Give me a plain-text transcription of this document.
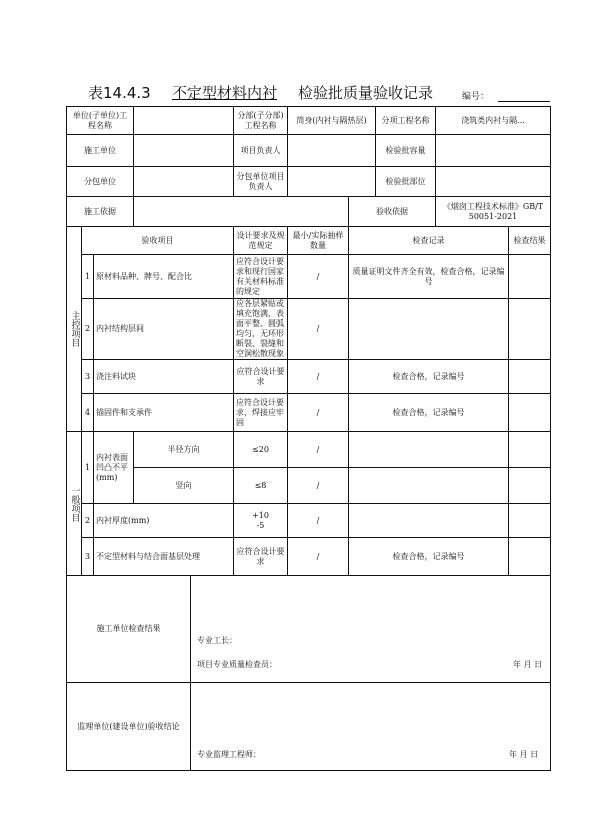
表14.4.3 不定型材料内衬 检验批质量验收记录	编号：
单位(子单位)工程名称					分部(子分部)工程名称	筒身(内衬与隔热层)		分项工程名称	浇筑类内衬与隔...	
施工单位					项目负责人			检验批容量		
分包单位					分包单位项目负责人			检验批部位		
施工依据							验收依据		《烟囱工程技术标准》GB/T 50051-2021	
主控项目	验收项目				设计要求及规范规定	最小/实际抽样数量	检查记录			检查结果
	1	原材料品种、牌号、配合比			应符合设计要求和现行国家有关材料标准的规定	/	质量证明文件齐全有效，检查合格，记录编号			
	2	内衬结构层间			应各层紧贴或填充饱满，表面平整、圆弧均匀，无环形断裂、裂缝和空洞松散现象	/				
	3	浇注料试块			应符合设计要求	/	检查合格，记录编号			
	4	锚固件和支承件			应符合设计要求，焊接应牢固	/	检查合格，记录编号			
一般项目	1	内衬表面凹凸不平(mm)	半径方向		≤20	/				
			竖向		≤8	/				
	2	内衬厚度(mm)			+10
-5	/				
	3	不定型材料与结合面基层处理			应符合设计要求	/	检查合格，记录编号			
施工单位检查结果				专业工长：
项目专业质量检查员： 年 月 日						

监理单位(建设单位)验收结论				专业监理工程师： 年 月 日						
